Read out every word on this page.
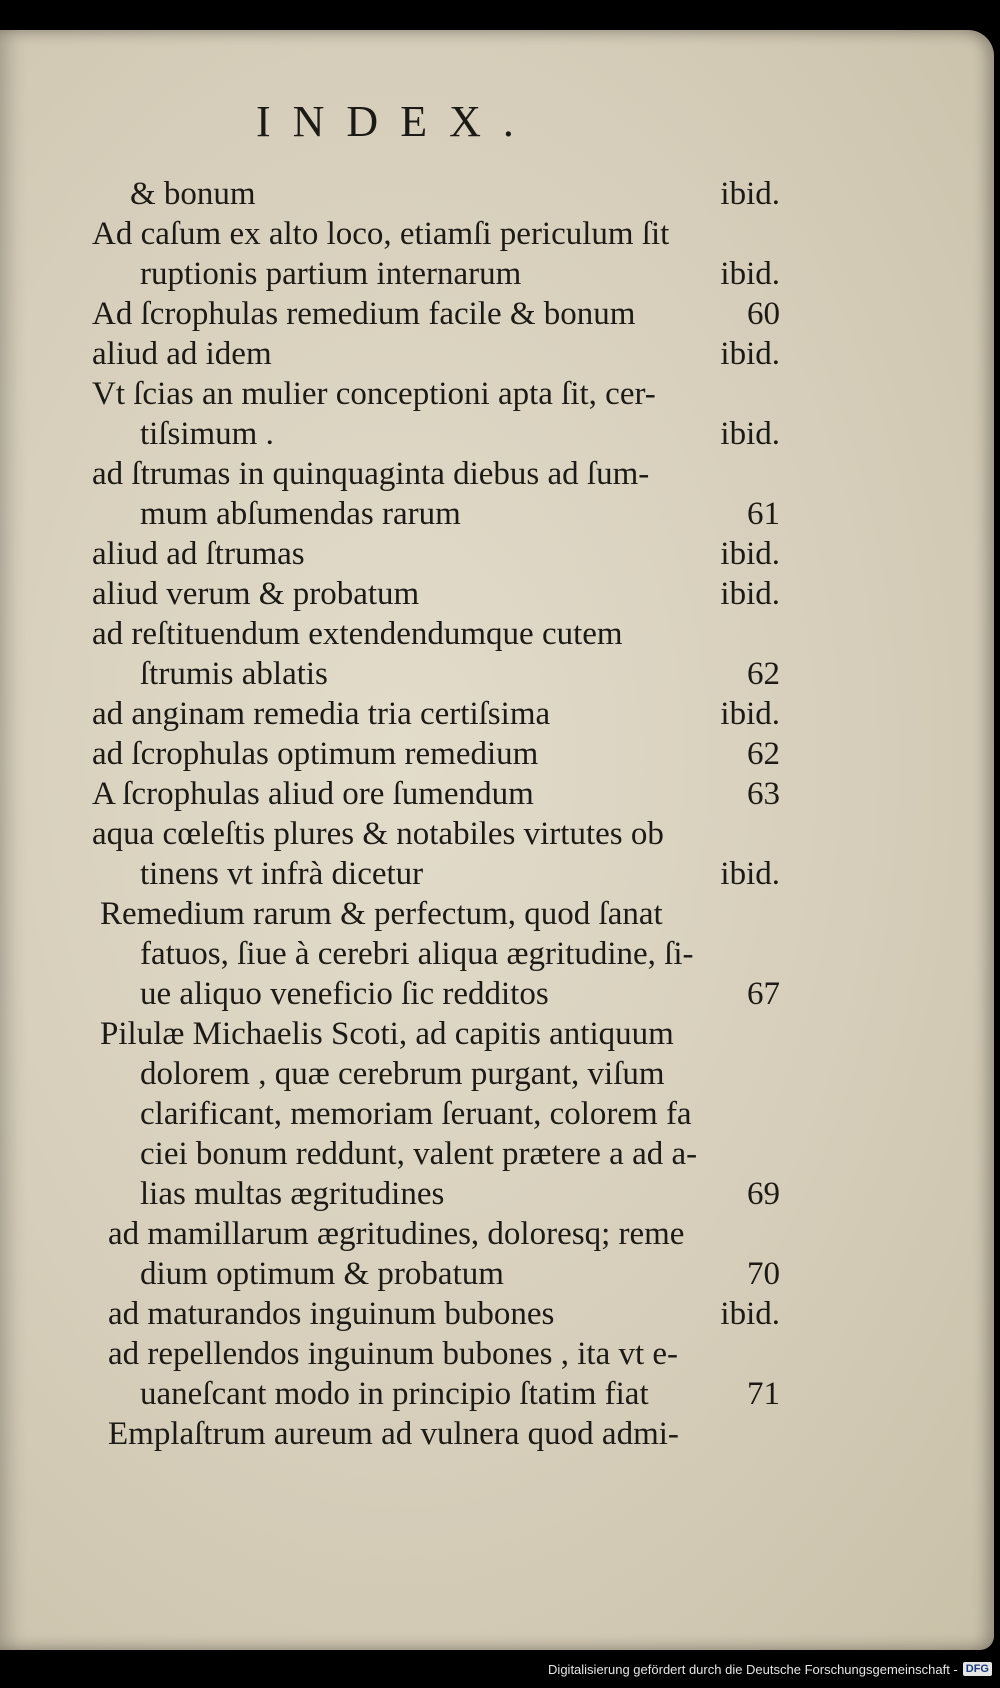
INDEX.
& bonum	ibid.
Ad caſum ex alto loco, etiamſi periculum ſit
ruptionis partium internarum	ibid.
Ad ſcrophulas remedium facile & bonum	60
aliud ad idem	ibid.
Vt ſcias an mulier conceptioni apta ſit, cer-
tiſsimum .	ibid.
ad ſtrumas in quinquaginta diebus ad ſum-
mum abſumendas rarum	61
aliud ad ſtrumas	ibid.
aliud verum & probatum	ibid.
ad reſtituendum extendendumque cutem
ſtrumis ablatis	62
ad anginam remedia tria certiſsima	ibid.
ad ſcrophulas optimum remedium	62
A ſcrophulas aliud ore ſumendum	63
aqua cœleſtis plures & notabiles virtutes ob
tinens vt infrà dicetur	ibid.
Remedium rarum & perfectum, quod ſanat
fatuos, ſiue à cerebri aliqua ægritudine, ſi-
ue aliquo veneficio ſic redditos	67
Pilulæ Michaelis Scoti, ad capitis antiquum
dolorem , quæ cerebrum purgant, viſum
clarificant, memoriam ſeruant, colorem fa
ciei bonum reddunt, valent prætere a ad a-
lias multas ægritudines	69
ad mamillarum ægritudines, doloresq; reme
dium optimum & probatum	70
ad maturandos inguinum bubones	ibid.
ad repellendos inguinum bubones , ita vt e-
uaneſcant modo in principio ſtatim fiat	71
Emplaſtrum aureum ad vulnera quod admi-
Digitalisierung gefördert durch die Deutsche Forschungsgemeinschaft - DFG
